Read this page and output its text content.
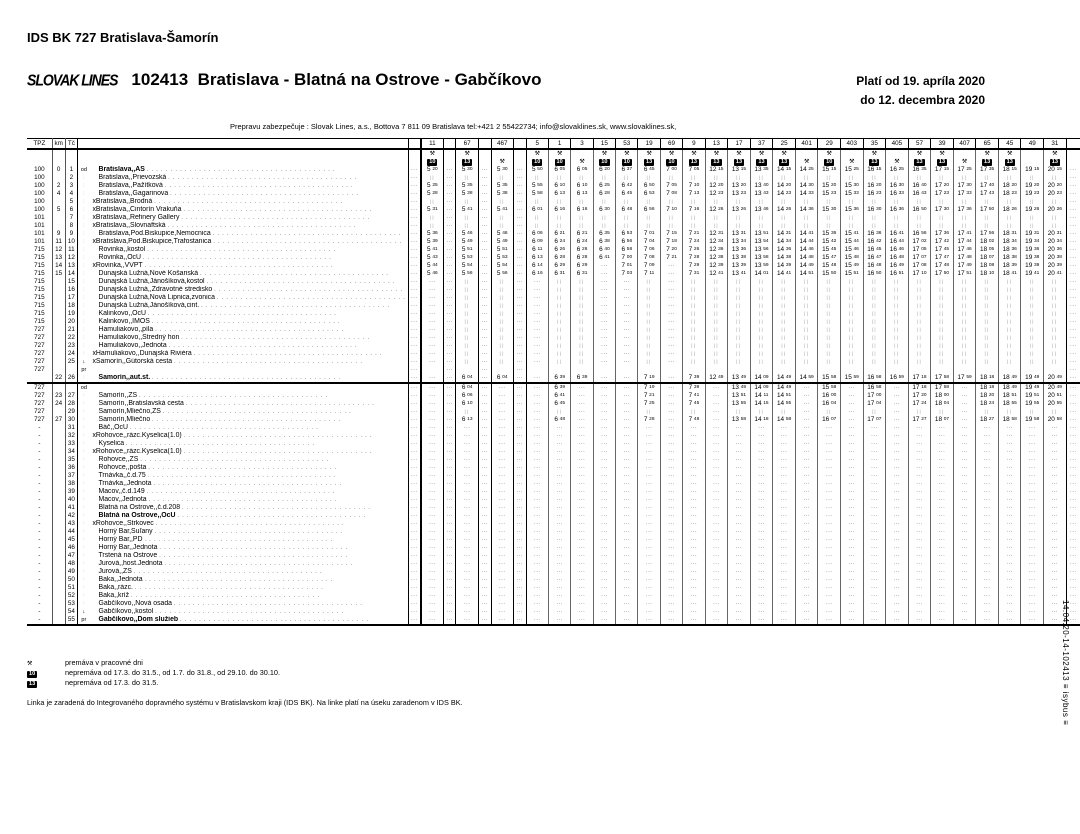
IDS BK 727 Bratislava-Šamorín
SLOVAK LINES 102413 Bratislava - Blatná na Ostrove - Gabčíkovo	Platí od 19. apríla 2020
do 12. decembra 2020
Prepravu zabezpečuje : Slovak Lines, a.s., Bottova 7 811 09 Bratislava tel:+421 2 55422734; info@slovaklines.sk, www.slovaklines.sk,
TPZ	km	Tč				11		67		467		5	1	3	15	53	19	69	9	13	17	37	25	401	29	403	35	405	57	39	407	65	45	49	31	
						⚒		⚒				⚒	⚒		⚒	⚒	⚒	⚒	⚒	⚒	⚒	⚒	⚒		⚒		⚒		⚒	⚒		⚒	⚒		⚒	
						10		13		⚒		10	10	⚒	10	10	13	10	13	13	13	13	13	⚒	10	⚒	13	⚒	13	13	⚒	13	13		13	
100	0	1	od	Bratislava,,AS . . . . . . . . . . . . . . . . . . . . . . . . . . . . . . . . . . . . . . . .	···	5 20	···	5 30	···	5 30	···	5 50	6 05	6 05	6 20	6 37	6 45	7 00	7 05	12 15	13 15	13 35	14 15	14 25	15 15	15 25	16 15	16 25	16 35	17 15	17 25	17 35	18 15	19 15	20 15	···
100		2	⁞	Bratislava,,Prievozská . . . . . . . . . . . . . . . . . . . . . . . . . . . . . . . . . . . . . . . .	···	||	···	||	···	||	···	||	||	||	||	||	||	||	||	||	||	||	||	||	||	||	||	||	||	||	||	||	||	||	||	···
100	2	3	⁞	Bratislava,,Pažítková . . . . . . . . . . . . . . . . . . . . . . . . . . . . . . . . . . . . . . . .	···	5 25	···	5 35	···	5 35	···	5 55	6 10	6 10	6 25	6 42	6 50	7 05	7 10	12 20	13 20	13 40	14 20	14 30	15 20	15 30	16 20	16 30	16 40	17 20	17 30	17 40	18 20	19 20	20 20	···
100	4	4	⁞	Bratislava,,Gagarinova . . . . . . . . . . . . . . . . . . . . . . . . . . . . . . . . . . . . . . . .	···	5 28	···	5 38	···	5 38	···	5 58	6 13	6 13	6 28	6 45	6 53	7 08	7 13	12 23	13 23	13 43	14 23	14 33	15 23	15 33	16 23	16 33	16 43	17 23	17 33	17 43	18 23	19 23	20 23	···
100		5	⁞	xBratislava,,Brodná . . . . . . . . . . . . . . . . . . . . . . . . . . . . . . . . . . . . . . . .	···	||	···	||	···	||	···	||	||	||	||	||	||	||	||	||	||	||	||	||	||	||	||	||	||	||	||	||	||	||	||	···
100	5	6	⁞	xBratislava,,Cintorín Vrakuňa . . . . . . . . . . . . . . . . . . . . . . . . . . . . . . . . . . . . . . . .	···	5 31	···	5 41	···	5 41	···	6 01	6 16	6 16	6 30	6 48	6 56	7 10	7 16	12 26	13 26	13 46	14 26	14 36	15 30	15 36	16 30	16 36	16 50	17 30	17 36	17 50	18 26	19 26	20 26	···
101		7	⁞	xBratislava,,Refinery Gallery . . . . . . . . . . . . . . . . . . . . . . . . . . . . . . . . . . . . . . . .	···	||	···	||	···	||	···	||	||	||	||	||	||	||	||	||	||	||	||	||	||	||	||	||	||	||	||	||	||	||	||	···
101		8	⁞	xBratislava,,Slovnaftská . . . . . . . . . . . . . . . . . . . . . . . . . . . . . . . . . . . . . . . .	···	||	···	||	···	||	···	||	||	||	||	||	||	||	||	||	||	||	||	||	||	||	||	||	||	||	||	||	||	||	||	···
101	9	9	⁞	Bratislava,Pod.Biskupice,Nemocnica . . . . . . . . . . . . . . . . . . . . . . . . . . . . . . . . . . . . . . . .	···	5 36	···	5 46	···	5 46	···	6 06	6 21	6 21	6 35	6 53	7 01	7 15	7 21	12 31	13 31	13 51	14 31	14 41	15 36	15 41	16 36	16 41	16 56	17 36	17 41	17 56	18 31	19 31	20 31	···
101	11	10	⁞	xBratislava,Pod.Biskupice,Trafostanica . . . . . . . . . . . . . . . . . . . . . . . . . . . . . . . . . . . . . . . .	···	5 39	···	5 49	···	5 49	···	6 09	6 24	6 24	6 38	6 56	7 04	7 18	7 24	12 34	13 34	13 54	14 34	14 44	15 42	15 44	16 42	16 44	17 02	17 42	17 44	18 02	18 34	19 34	20 34	···
715	12	11	⁞	Rovinka,,kostol . . . . . . . . . . . . . . . . . . . . . . . . . . . . . . . . . . . . . . . .	···	5 41	···	5 51	···	5 51	···	6 11	6 26	6 26	6 40	6 58	7 06	7 20	7 26	12 36	13 36	13 56	14 36	14 46	15 45	15 46	16 45	16 46	17 05	17 45	17 46	18 05	18 36	19 36	20 36	···
715	13	12	⁞	Rovinka,,OcÚ . . . . . . . . . . . . . . . . . . . . . . . . . . . . . . . . . . . . . . . .	···	5 43	···	5 53	···	5 53	···	6 13	6 28	6 28	6 41	7 00	7 08	7 21	7 28	12 38	13 38	13 58	14 38	14 48	15 47	15 48	16 47	16 48	17 07	17 47	17 48	18 07	18 38	19 38	20 38	···
715	14	13	⁞	xRovinka,,VVPT . . . . . . . . . . . . . . . . . . . . . . . . . . . . . . . . . . . . . . . .	···	5 44	···	5 54	···	5 54	···	6 14	6 29	6 29	···	7 01	7 09	···	7 29	12 39	13 39	13 59	14 39	14 49	15 48	15 49	16 48	16 49	17 08	17 48	17 49	18 08	18 39	19 39	20 39	···
715	15	14	⁞	Dunajská Lužná,Nové Košariská . . . . . . . . . . . . . . . . . . . . . . . . . . . . . . . . . . . . . . . .	···	5 46	···	5 56	···	5 56	···	6 16	6 31	6 31	···	7 03	7 11	···	7 31	12 41	13 41	14 01	14 41	14 51	15 50	15 51	16 50	16 51	17 10	17 50	17 51	18 10	18 41	19 41	20 41	···
715		15	⁞	Dunajská Lužná,Jánošíková,kostol . . . . . . . . . . . . . . . . . . . . . . . . . . . . . . . . . . . . . . . .	···	···	···	||	···	||	···	···	||	||	···	···	||	···	||	||	||	||	||	||	||	||	||	||	||	||	||	||	||	||	||	···
715		16	⁞	Dunajská Lužná,,Zdravotné stredisko . . . . . . . . . . . . . . . . . . . . . . . . . . . . . . . . . . . . . . . .	···	···	···	||	···	||	···	···	||	||	···	···	||	···	||	||	||	||	||	||	||	||	||	||	||	||	||	||	||	||	||	···
715		17	⁞	Dunajská Lužná,Nová Lipnica,zvonica . . . . . . . . . . . . . . . . . . . . . . . . . . . . . . . . . . . . . . . .	···	···	···	||	···	||	···	···	||	||	···	···	||	···	||	||	||	||	||	||	||	||	||	||	||	||	||	||	||	||	||	···
715		18	⁞	Dunajská Lužná,Jánošíková,cint. . . . . . . . . . . . . . . . . . . . . . . . . . . . . . . . . . . . . . . . .	···	···	···	||	···	||	···	···	||	||	···	···	||	···	||	||	||	||	||	||	||	||	||	||	||	||	||	||	||	||	||	···
715		19	⁞	Kalinkovo,,OcÚ . . . . . . . . . . . . . . . . . . . . . . . . . . . . . . . . . . . . . . . .	···	···	···	||	···	||	···	···	||	||	···	···	||	···	||	||	||	||	||	||	||	||	||	||	||	||	||	||	||	||	||	···
715		20	⁞	Kalinkovo,,IMOS . . . . . . . . . . . . . . . . . . . . . . . . . . . . . . . . . . . . . . . .	···	···	···	||	···	||	···	···	||	||	···	···	||	···	||	||	||	||	||	||	||	||	||	||	||	||	||	||	||	||	||	···
727		21	⁞	Hamuliakovo,,píla . . . . . . . . . . . . . . . . . . . . . . . . . . . . . . . . . . . . . . . .	···	···	···	||	···	||	···	···	||	||	···	···	||	···	||	||	||	||	||	||	||	||	||	||	||	||	||	||	||	||	||	···
727		22	⁞	Hamuliakovo,,Stredný hon . . . . . . . . . . . . . . . . . . . . . . . . . . . . . . . . . . . . . . . .	···	···	···	||	···	||	···	···	||	||	···	···	||	···	||	||	||	||	||	||	||	||	||	||	||	||	||	||	||	||	||	···
727		23	⁞	Hamuliakovo,,Jednota . . . . . . . . . . . . . . . . . . . . . . . . . . . . . . . . . . . . . . . .	···	···	···	||	···	||	···	···	||	||	···	···	||	···	||	||	||	||	||	||	||	||	||	||	||	||	||	||	||	||	||	···
727		24	⁞	xHamuliakovo,,Dunajská Riviéra . . . . . . . . . . . . . . . . . . . . . . . . . . . . . . . . . . . . . . . .	···	···	···	||	···	||	···	···	||	||	···	···	||	···	||	||	||	||	||	||	||	||	||	||	||	||	||	||	||	||	||	···
727		25	↓	xŠamorín,,Gútorská cesta . . . . . . . . . . . . . . . . . . . . . . . . . . . . . . . . . . . . . . . .	···	···	···	||	···	||	···	···	||	||	···	···	||	···	||	||	||	||	||	||	||	||	||	||	||	||	||	||	||	||	||	···
727			pr		···		···		···		···																									···
	22	26	⁞	Šamorín,,aut.st. . . . . . . . . . . . . . . . . . . . . . . . . . . . . . . . . . . . . . . . .	···	···	···	6 04	···	6 04	···	···	6 39	6 39	···	···	7 19	···	7 39	12 49	13 49	14 09	14 49	14 59	15 58	15 59	16 58	16 59	17 18	17 58	17 59	18 18	18 49	19 49	20 49	···
727			od		···	···	···	6 04	···	···	···	···	6 39	···	···	···	7 19	···	7 39	···	13 49	14 09	14 49	···	15 58	···	16 58	···	17 18	17 58	···	18 18	18 49	19 49	20 49	···
727	23	27	⁞	Šamorín,,ZŠ . . . . . . . . . . . . . . . . . . . . . . . . . . . . . . . . . . . . . . . .	···	···	···	6 06	···	···	···	···	6 41	···	···	···	7 21	···	7 41	···	13 51	14 11	14 51	···	16 00	···	17 00	···	17 20	18 00	···	18 20	18 51	19 51	20 51	···
727	24	28	⁞	Šamorín,,Bratislavská cesta . . . . . . . . . . . . . . . . . . . . . . . . . . . . . . . . . . . . . . . .	···	···	···	6 10	···	···	···	···	6 45	···	···	···	7 25	···	7 45	···	13 55	14 15	14 55	···	16 04	···	17 04	···	17 24	18 04	···	18 24	18 55	19 55	20 55	···
727		29	⁞	Šamorín,Mliečno,ZŠ . . . . . . . . . . . . . . . . . . . . . . . . . . . . . . . . . . . . . . . .	···	···	···	||	···	···	···	···	||	···	···	···	||	···	||	···	||	||	||	···	||	···	||	···	||	||	···	||	||	||	||	···
727	27	30	⁞	Šamorín,Mliečno . . . . . . . . . . . . . . . . . . . . . . . . . . . . . . . . . . . . . . . .	···	···	···	6 13	···	···	···	···	6 48	···	···	···	7 28	···	7 48	···	13 58	14 18	14 58	···	16 07	···	17 07	···	17 27	18 07	···	18 27	18 58	19 58	20 58	···
-		31	⁞	Báč,,OcÚ . . . . . . . . . . . . . . . . . . . . . . . . . . . . . . . . . . . . . . . .	···	···	···	···	···	···	···	···	···	···	···	···	···	···	···	···	···	···	···	···	···	···	···	···	···	···	···	···	···	···	···	···
-		32	⁞	xRohovce,,rázc.Kyselica(1.0) . . . . . . . . . . . . . . . . . . . . . . . . . . . . . . . . . . . . . . . .	···	···	···	···	···	···	···	···	···	···	···	···	···	···	···	···	···	···	···	···	···	···	···	···	···	···	···	···	···	···	···	···
-		33	⁞	Kyselica . . . . . . . . . . . . . . . . . . . . . . . . . . . . . . . . . . . . . . . .	···	···	···	···	···	···	···	···	···	···	···	···	···	···	···	···	···	···	···	···	···	···	···	···	···	···	···	···	···	···	···	···
-		34	⁞	xRohovce,,rázc.Kyselica(1.0) . . . . . . . . . . . . . . . . . . . . . . . . . . . . . . . . . . . . . . . .	···	···	···	···	···	···	···	···	···	···	···	···	···	···	···	···	···	···	···	···	···	···	···	···	···	···	···	···	···	···	···	···
-		35	⁞	Rohovce,,ZŠ . . . . . . . . . . . . . . . . . . . . . . . . . . . . . . . . . . . . . . . .	···	···	···	···	···	···	···	···	···	···	···	···	···	···	···	···	···	···	···	···	···	···	···	···	···	···	···	···	···	···	···	···
-		36	⁞	Rohovce,,pošta . . . . . . . . . . . . . . . . . . . . . . . . . . . . . . . . . . . . . . . .	···	···	···	···	···	···	···	···	···	···	···	···	···	···	···	···	···	···	···	···	···	···	···	···	···	···	···	···	···	···	···	···
-		37	⁞	Trnávka,,č.d.75 . . . . . . . . . . . . . . . . . . . . . . . . . . . . . . . . . . . . . . . .	···	···	···	···	···	···	···	···	···	···	···	···	···	···	···	···	···	···	···	···	···	···	···	···	···	···	···	···	···	···	···	···
-		38	⁞	Trnávka,,Jednota . . . . . . . . . . . . . . . . . . . . . . . . . . . . . . . . . . . . . . . .	···	···	···	···	···	···	···	···	···	···	···	···	···	···	···	···	···	···	···	···	···	···	···	···	···	···	···	···	···	···	···	···
-		39	⁞	Macov,,č.d.149 . . . . . . . . . . . . . . . . . . . . . . . . . . . . . . . . . . . . . . . .	···	···	···	···	···	···	···	···	···	···	···	···	···	···	···	···	···	···	···	···	···	···	···	···	···	···	···	···	···	···	···	···
-		40	⁞	Macov,,Jednota . . . . . . . . . . . . . . . . . . . . . . . . . . . . . . . . . . . . . . . .	···	···	···	···	···	···	···	···	···	···	···	···	···	···	···	···	···	···	···	···	···	···	···	···	···	···	···	···	···	···	···	···
-		41	⁞	Blatná na Ostrove,,č.d.208 . . . . . . . . . . . . . . . . . . . . . . . . . . . . . . . . . . . . . . . .	···	···	···	···	···	···	···	···	···	···	···	···	···	···	···	···	···	···	···	···	···	···	···	···	···	···	···	···	···	···	···	···
-		42	⁞	Blatná na Ostrove,,OcÚ . . . . . . . . . . . . . . . . . . . . . . . . . . . . . . . . . . . . . . . .	···	···	···	···	···	···	···	···	···	···	···	···	···	···	···	···	···	···	···	···	···	···	···	···	···	···	···	···	···	···	···	···
-		43	⁞	xRohovce,,Štrkovec . . . . . . . . . . . . . . . . . . . . . . . . . . . . . . . . . . . . . . . .	···	···	···	···	···	···	···	···	···	···	···	···	···	···	···	···	···	···	···	···	···	···	···	···	···	···	···	···	···	···	···	···
-		44	⁞	Horný Bar,Šuľany . . . . . . . . . . . . . . . . . . . . . . . . . . . . . . . . . . . . . . . .	···	···	···	···	···	···	···	···	···	···	···	···	···	···	···	···	···	···	···	···	···	···	···	···	···	···	···	···	···	···	···	···
-		45	⁞	Horný Bar,,PD . . . . . . . . . . . . . . . . . . . . . . . . . . . . . . . . . . . . . . . .	···	···	···	···	···	···	···	···	···	···	···	···	···	···	···	···	···	···	···	···	···	···	···	···	···	···	···	···	···	···	···	···
-		46	⁞	Horný Bar,,Jednota . . . . . . . . . . . . . . . . . . . . . . . . . . . . . . . . . . . . . . . .	···	···	···	···	···	···	···	···	···	···	···	···	···	···	···	···	···	···	···	···	···	···	···	···	···	···	···	···	···	···	···	···
-		47	⁞	Trstená na Ostrove . . . . . . . . . . . . . . . . . . . . . . . . . . . . . . . . . . . . . . . .	···	···	···	···	···	···	···	···	···	···	···	···	···	···	···	···	···	···	···	···	···	···	···	···	···	···	···	···	···	···	···	···
-		48	⁞	Jurová,,host.Jednota . . . . . . . . . . . . . . . . . . . . . . . . . . . . . . . . . . . . . . . .	···	···	···	···	···	···	···	···	···	···	···	···	···	···	···	···	···	···	···	···	···	···	···	···	···	···	···	···	···	···	···	···
-		49	⁞	Jurová,,ZŠ . . . . . . . . . . . . . . . . . . . . . . . . . . . . . . . . . . . . . . . .	···	···	···	···	···	···	···	···	···	···	···	···	···	···	···	···	···	···	···	···	···	···	···	···	···	···	···	···	···	···	···	···
-		50	⁞	Baka,,Jednota . . . . . . . . . . . . . . . . . . . . . . . . . . . . . . . . . . . . . . . .	···	···	···	···	···	···	···	···	···	···	···	···	···	···	···	···	···	···	···	···	···	···	···	···	···	···	···	···	···	···	···	···
-		51	⁞	Baka,,rázc. . . . . . . . . . . . . . . . . . . . . . . . . . . . . . . . . . . . . . . . .	···	···	···	···	···	···	···	···	···	···	···	···	···	···	···	···	···	···	···	···	···	···	···	···	···	···	···	···	···	···	···	···
-		52	⁞	Baka,,kríž . . . . . . . . . . . . . . . . . . . . . . . . . . . . . . . . . . . . . . . .	···	···	···	···	···	···	···	···	···	···	···	···	···	···	···	···	···	···	···	···	···	···	···	···	···	···	···	···	···	···	···	···
-		53	⁞	Gabčíkovo,,Nová osada . . . . . . . . . . . . . . . . . . . . . . . . . . . . . . . . . . . . . . . .	···	···	···	···	···	···	···	···	···	···	···	···	···	···	···	···	···	···	···	···	···	···	···	···	···	···	···	···	···	···	···	···
-		54	↓	Gabčíkovo,,kostol . . . . . . . . . . . . . . . . . . . . . . . . . . . . . . . . . . . . . . . .	···	···	···	···	···	···	···	···	···	···	···	···	···	···	···	···	···	···	···	···	···	···	···	···	···	···	···	···	···	···	···	···
-		55	pr	Gabčíkovo,,Dom služieb . . . . . . . . . . . . . . . . . . . . . . . . . . . . . . . . . . . . . . . .	···	···	···	···	···	···	···	···	···	···	···	···	···	···	···	···	···	···	···	···	···	···	···	···	···	···	···	···	···	···	···	···
⚒	premáva v pracovné dni
10	nepremáva od 17.3. do 31.5., od 1.7. do 31.8., od 29.10. do 30.10.
13	nepremáva od 17.3. do 31.5.
Linka je zaradená do Integrovaného dopravného systému v Bratislavskom kraji (IDS BK). Na linke platí na úseku zaradenom v IDS BK.	14.04.20-14-102413 ≡ isybus ≡
